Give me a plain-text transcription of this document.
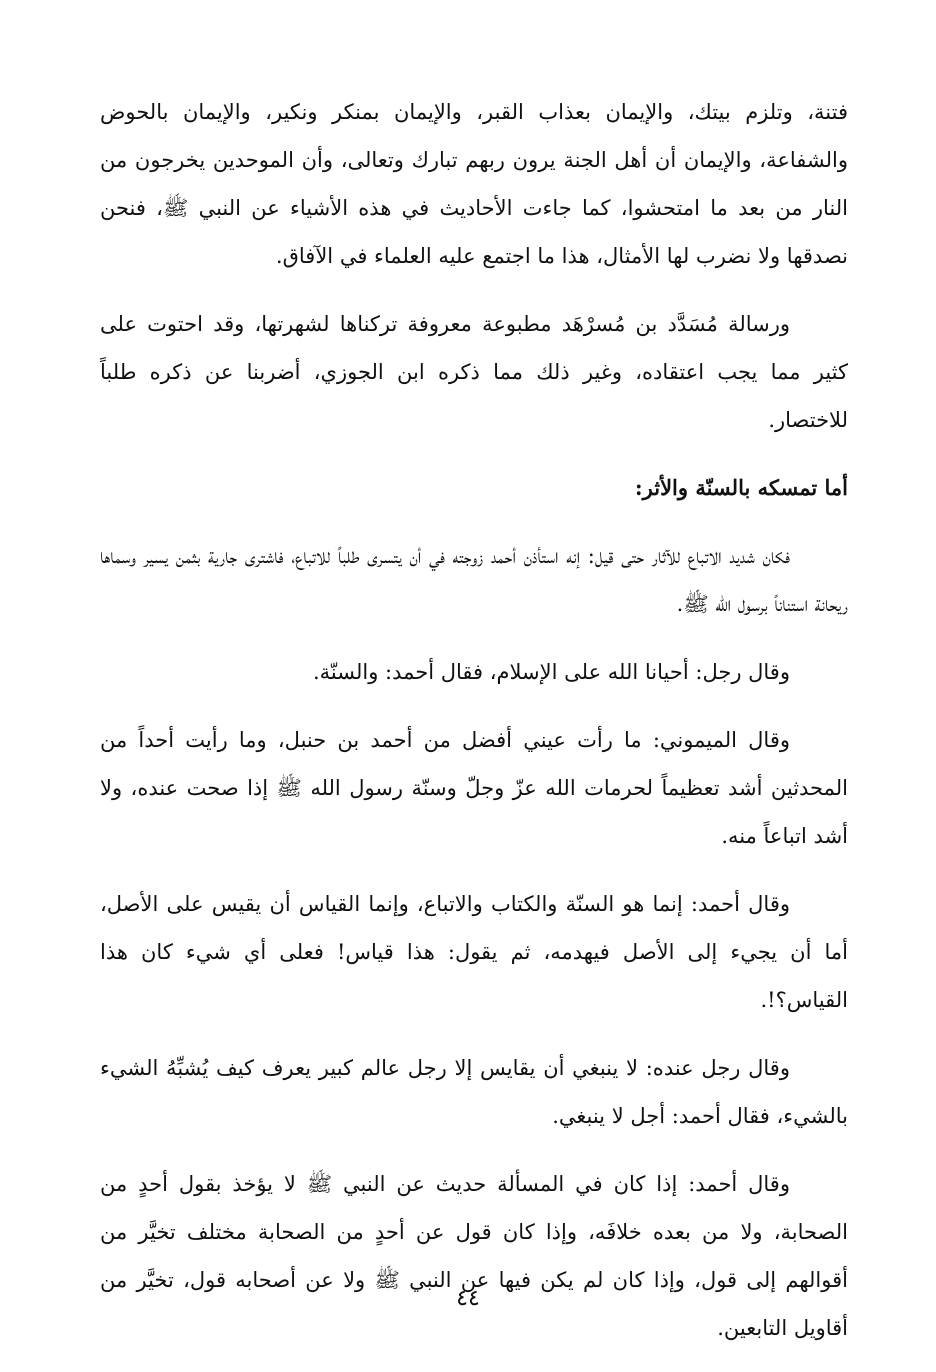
فتنة، وتلزم بيتك، والإيمان بعذاب القبر، والإيمان بمنكر ونكير، والإيمان بالحوض والشفاعة، والإيمان أن أهل الجنة يرون ربهم تبارك وتعالى، وأن الموحدين يخرجون من النار من بعد ما امتحشوا، كما جاءت الأحاديث في هذه الأشياء عن النبي ﷺ، فنحن نصدقها ولا نضرب لها الأمثال، هذا ما اجتمع عليه العلماء في الآفاق.

ورسالة مُسَدَّد بن مُسرْهَد مطبوعة معروفة تركناها لشهرتها، وقد احتوت على كثير مما يجب اعتقاده، وغير ذلك مما ذكره ابن الجوزي، أضربنا عن ذكره طلباً للاختصار.

أما تمسكه بالسنّة والأثر:

فكان شديد الاتباع للآثار حتى قيل: إنه استأذن أحمد زوجته في أن يتسرى طلباً للاتباع، فاشترى جارية بثمن يسير وسماها ريحانة استناناً برسول الله ﷺ.

وقال رجل: أحيانا الله على الإسلام، فقال أحمد: والسنّة.

وقال الميموني: ما رأت عيني أفضل من أحمد بن حنبل، وما رأيت أحداً من المحدثين أشد تعظيماً لحرمات الله عزّ وجلّ وسنّة رسول الله ﷺ إذا صحت عنده، ولا أشد اتباعاً منه.

وقال أحمد: إنما هو السنّة والكتاب والاتباع، وإنما القياس أن يقيس على الأصل، أما أن يجيء إلى الأصل فيهدمه، ثم يقول: هذا قياس! فعلى أي شيء كان هذا القياس؟!.

وقال رجل عنده: لا ينبغي أن يقايس إلا رجل عالم كبير يعرف كيف يُشبِّهُ الشيء بالشيء، فقال أحمد: أجل لا ينبغي.

وقال أحمد: إذا كان في المسألة حديث عن النبي ﷺ لا يؤخذ بقول أحدٍ من الصحابة، ولا من بعده خلافَه، وإذا كان قول عن أحدٍ من الصحابة مختلف تخيَّر من أقوالهم إلى قول، وإذا كان لم يكن فيها عن النبي ﷺ ولا عن أصحابه قول، تخيَّر من أقاويل التابعين.

٤٤
